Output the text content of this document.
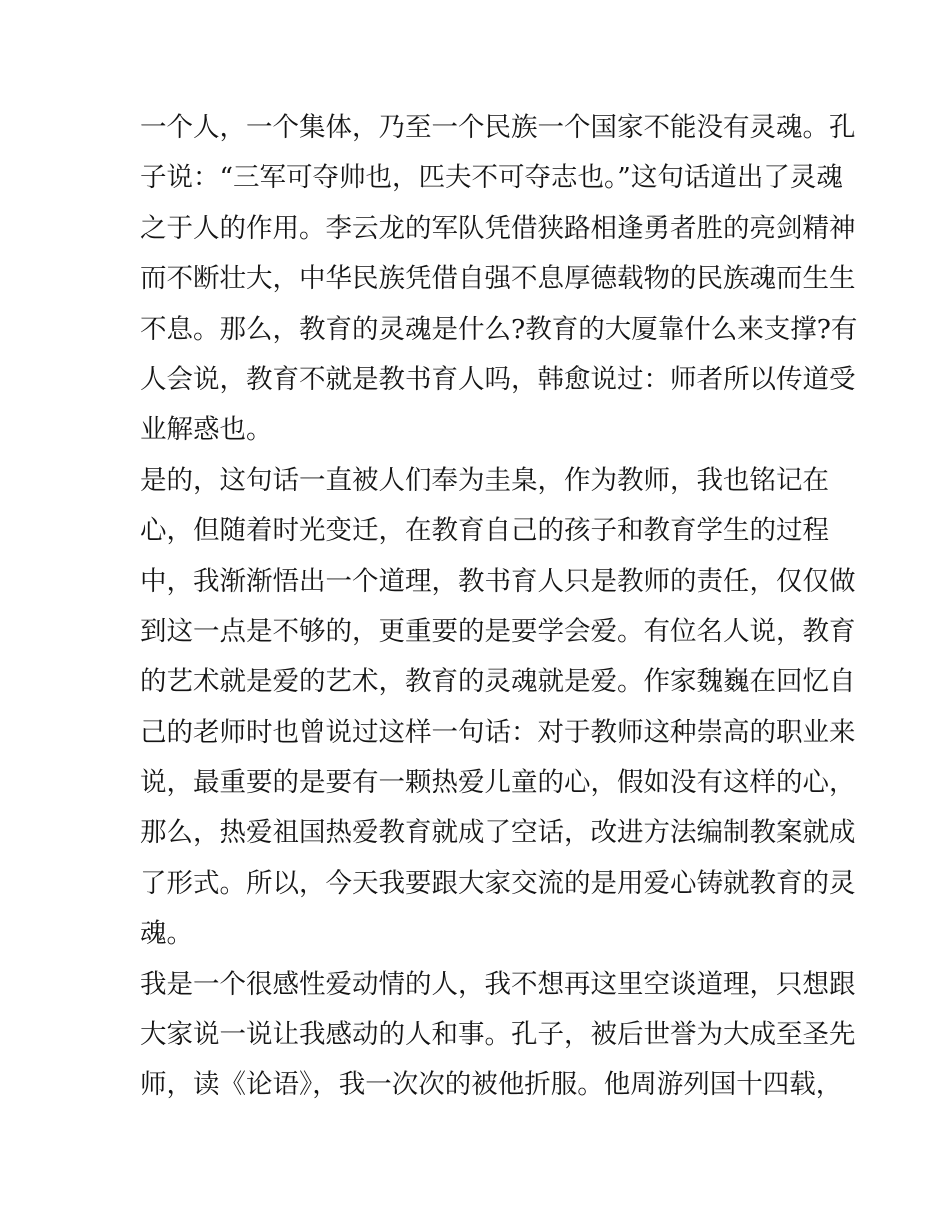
一个人，一个集体，乃至一个民族一个国家不能没有灵魂。孔
子说：“三军可夺帅也，匹夫不可夺志也。”这句话道出了灵魂
之于人的作用。李云龙的军队凭借狭路相逢勇者胜的亮剑精神
而不断壮大，中华民族凭借自强不息厚德载物的民族魂而生生
不息。那么，教育的灵魂是什么?教育的大厦靠什么来支撑?有
人会说，教育不就是教书育人吗，韩愈说过：师者所以传道受
业解惑也。
是的，这句话一直被人们奉为圭臬，作为教师，我也铭记在
心，但随着时光变迁，在教育自己的孩子和教育学生的过程
中，我渐渐悟出一个道理，教书育人只是教师的责任，仅仅做
到这一点是不够的，更重要的是要学会爱。有位名人说，教育
的艺术就是爱的艺术，教育的灵魂就是爱。作家魏巍在回忆自
己的老师时也曾说过这样一句话：对于教师这种崇高的职业来
说，最重要的是要有一颗热爱儿童的心，假如没有这样的心，
那么，热爱祖国热爱教育就成了空话，改进方法编制教案就成
了形式。所以，今天我要跟大家交流的是用爱心铸就教育的灵
魂。
我是一个很感性爱动情的人，我不想再这里空谈道理，只想跟
大家说一说让我感动的人和事。孔子，被后世誉为大成至圣先
师，读《论语》，我一次次的被他折服。他周游列国十四载，
